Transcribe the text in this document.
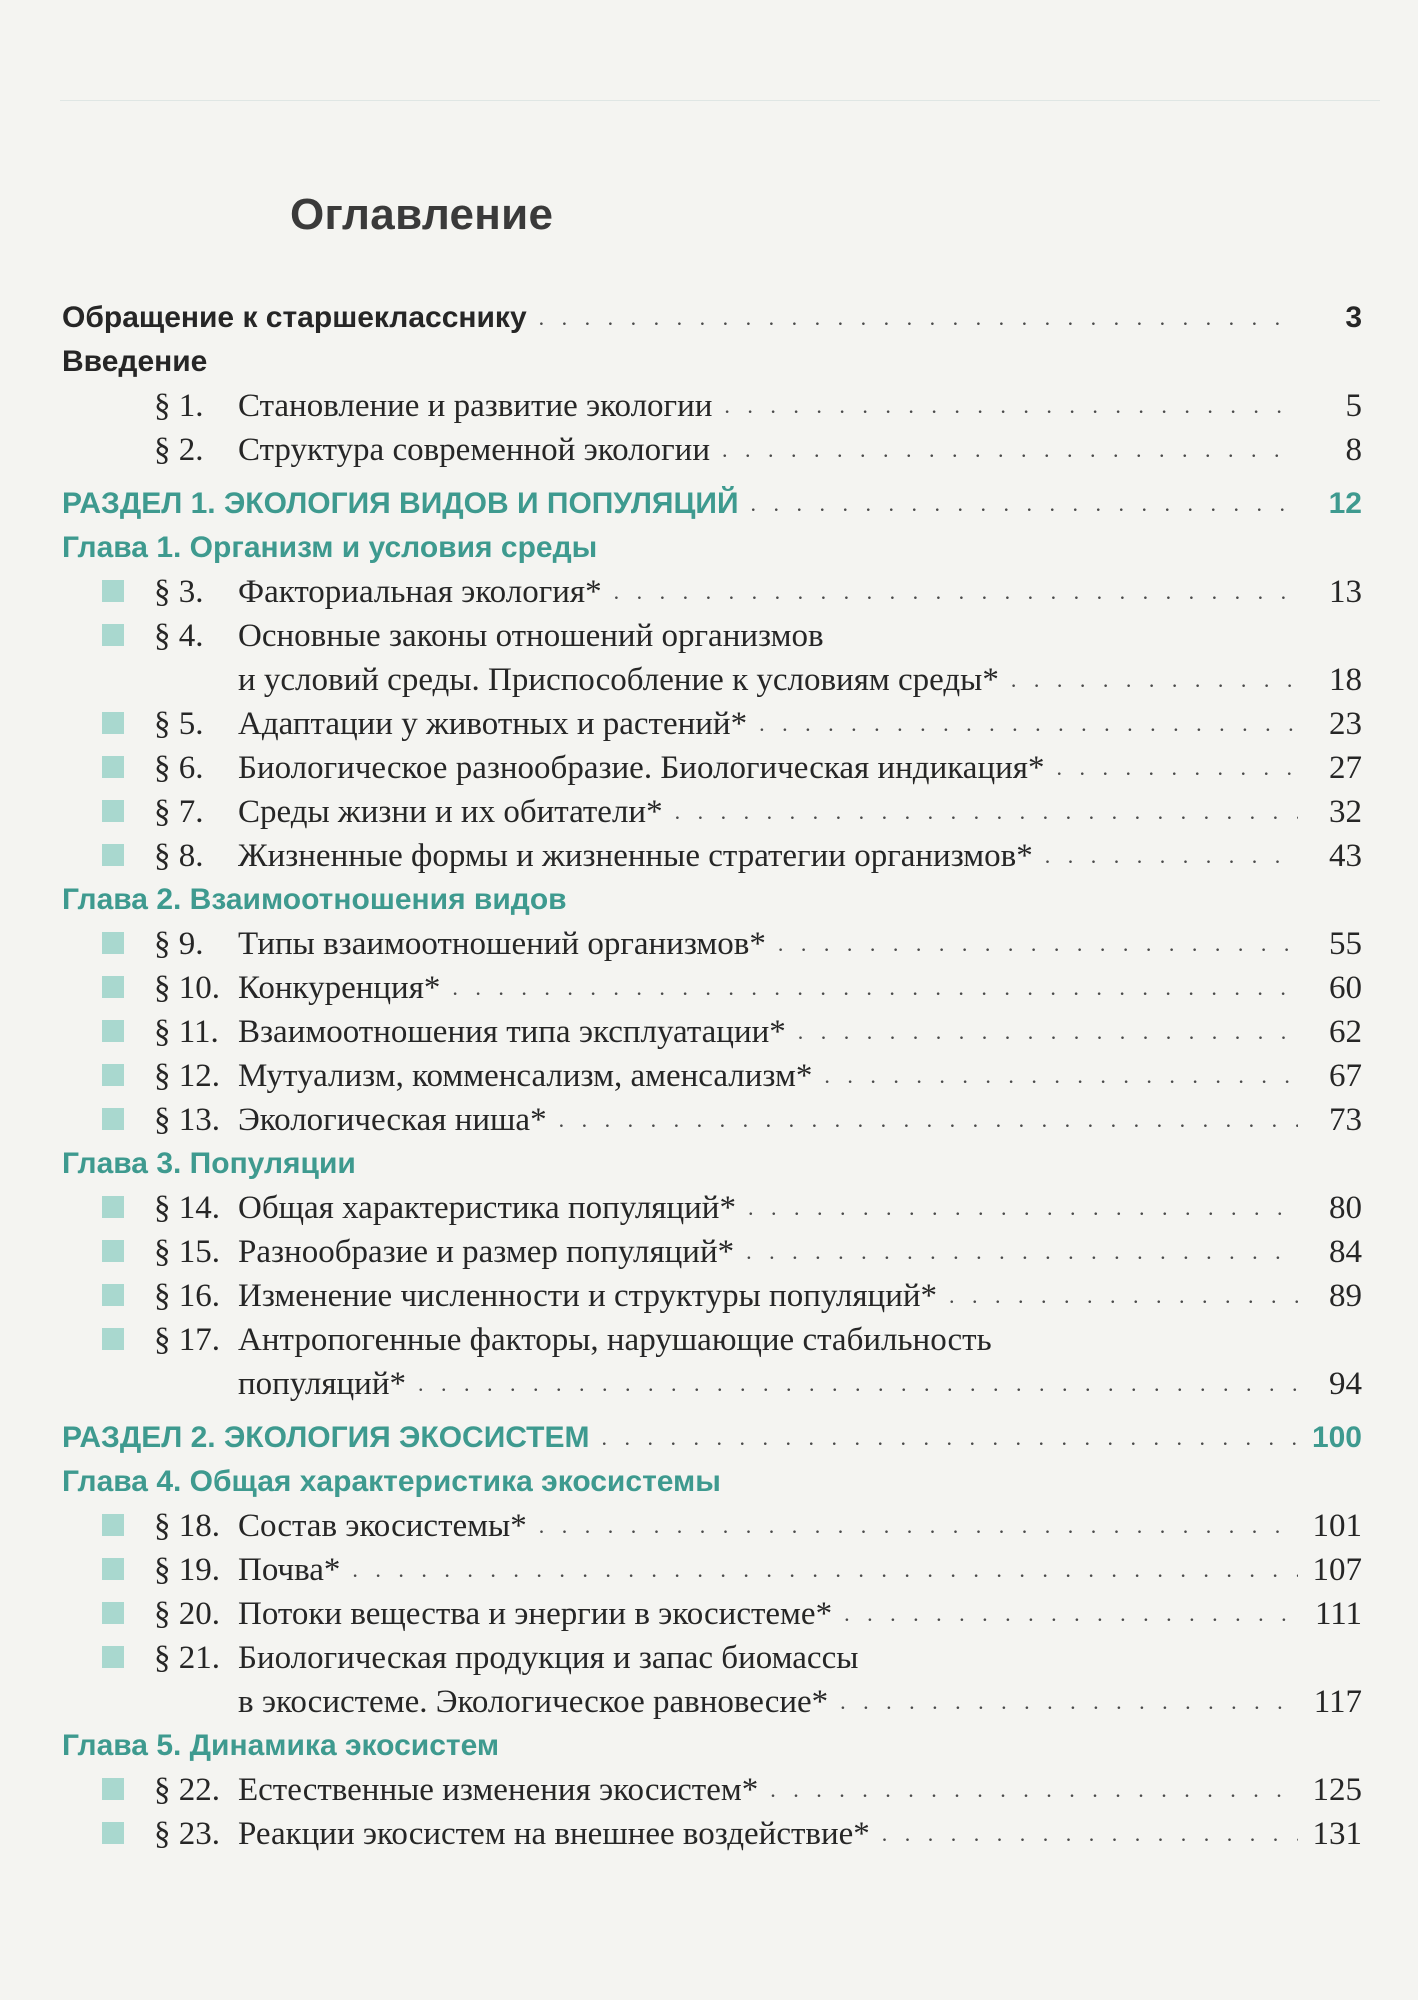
Оглавление
Обращение к старшекласснику . . .	3
Введение
§ 1.	Становление и развитие экологии . . .	5
§ 2.	Структура современной экологии . . .	8
РАЗДЕЛ 1. ЭКОЛОГИЯ ВИДОВ И ПОПУЛЯЦИЙ . . .	12
Глава 1. Организм и условия среды
§ 3.	Факториальная экология* . . .	13
§ 4.	Основные законы отношений организмов
и условий среды. Приспособление к условиям среды* . . .	18
§ 5.	Адаптации у животных и растений* . . .	23
§ 6.	Биологическое разнообразие. Биологическая индикация* . . .	27
§ 7.	Среды жизни и их обитатели* . . .	32
§ 8.	Жизненные формы и жизненные стратегии организмов* . . .	43
Глава 2. Взаимоотношения видов
§ 9.	Типы взаимоотношений организмов* . . .	55
§ 10. Конкуренция* . . .	60
§ 11. Взаимоотношения типа эксплуатации* . . .	62
§ 12. Мутуализм, комменсализм, аменсализм* . . .	67
§ 13. Экологическая ниша* . . .	73
Глава 3. Популяции
§ 14. Общая характеристика популяций* . . .	80
§ 15. Разнообразие и размер популяций* . . .	84
§ 16. Изменение численности и структуры популяций* . . .	89
§ 17. Антропогенные факторы, нарушающие стабильность
популяций* . . .	94
РАЗДЕЛ 2. ЭКОЛОГИЯ ЭКОСИСТЕМ . . .	100
Глава 4. Общая характеристика экосистемы
§ 18. Состав экосистемы* . . .	101
§ 19. Почва* . . .	107
§ 20. Потоки вещества и энергии в экосистеме* . . .	111
§ 21. Биологическая продукция и запас биомассы
в экосистеме. Экологическое равновесие* . . .	117
Глава 5. Динамика экосистем
§ 22. Естественные изменения экосистем* . . .	125
§ 23. Реакции экосистем на внешнее воздействие* . . .	131
